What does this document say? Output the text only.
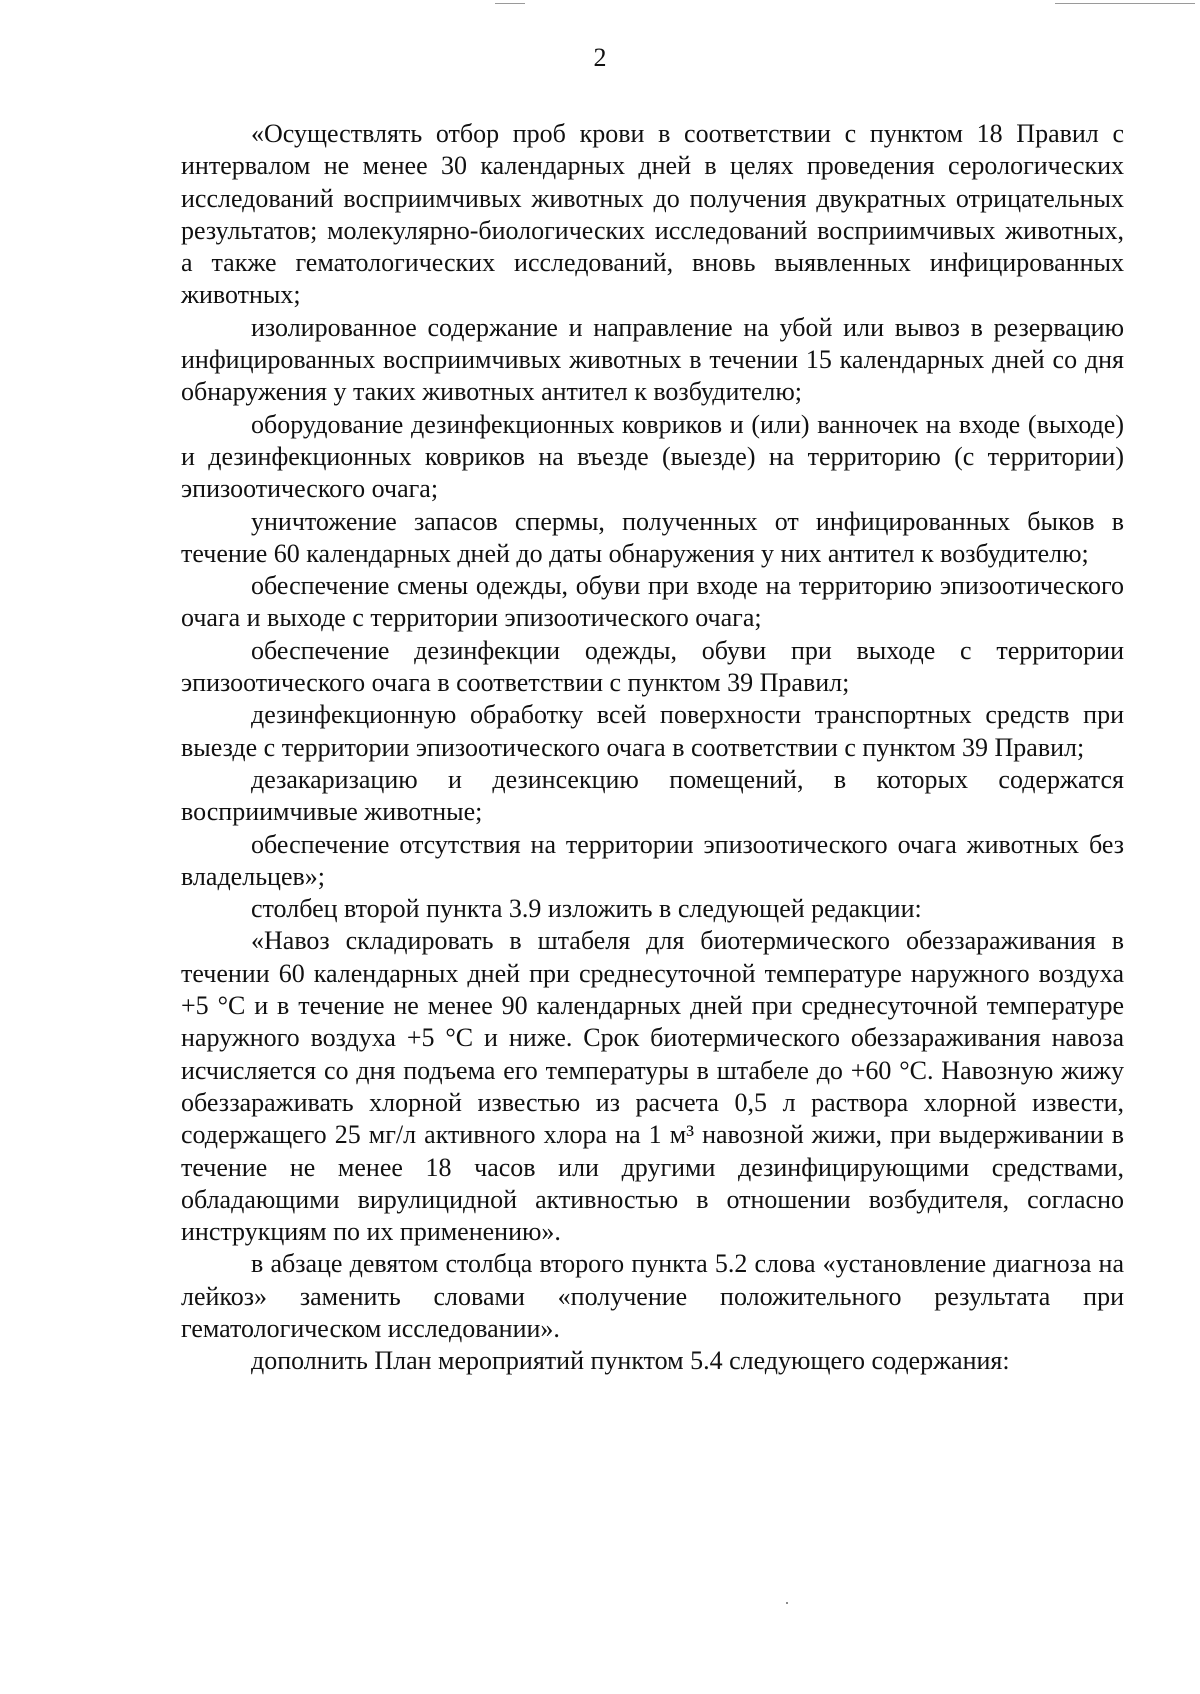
2

«Осуществлять отбор проб крови в соответствии с пунктом 18 Правил с интервалом не менее 30 календарных дней в целях проведения серологических исследований восприимчивых животных до получения двукратных отрицательных результатов; молекулярно-биологических исследований восприимчивых животных, а также гематологических исследований, вновь выявленных инфицированных животных;

изолированное содержание и направление на убой или вывоз в резервацию инфицированных восприимчивых животных в течении 15 календарных дней со дня обнаружения у таких животных антител к возбудителю;

оборудование дезинфекционных ковриков и (или) ванночек на входе (выходе) и дезинфекционных ковриков на въезде (выезде) на территорию (с территории) эпизоотического очага;

уничтожение запасов спермы, полученных от инфицированных быков в течение 60 календарных дней до даты обнаружения у них антител к возбудителю;

обеспечение смены одежды, обуви при входе на территорию эпизоотического очага и выходе с территории эпизоотического очага;

обеспечение дезинфекции одежды, обуви при выходе с территории эпизоотического очага в соответствии с пунктом 39 Правил;

дезинфекционную обработку всей поверхности транспортных средств при выезде с территории эпизоотического очага в соответствии с пунктом 39 Правил;

дезакаризацию и дезинсекцию помещений, в которых содержатся восприимчивые животные;

обеспечение отсутствия на территории эпизоотического очага животных без владельцев»;

столбец второй пункта 3.9 изложить в следующей редакции:

«Навоз складировать в штабеля для биотермического обеззараживания в течении 60 календарных дней при среднесуточной температуре наружного воздуха +5 °С и в течение не менее 90 календарных дней при среднесуточной температуре наружного воздуха +5 °С и ниже. Срок биотермического обеззараживания навоза исчисляется со дня подъема его температуры в штабеле до +60 °С. Навозную жижу обеззараживать хлорной известью из расчета 0,5 л раствора хлорной извести, содержащего 25 мг/л активного хлора на 1 м³ навозной жижи, при выдерживании в течение не менее 18 часов или другими дезинфицирующими средствами, обладающими вирулицидной активностью в отношении возбудителя, согласно инструкциям по их применению».

в абзаце девятом столбца второго пункта 5.2 слова «установление диагноза на лейкоз» заменить словами «получение положительного результата при гематологическом исследовании».

дополнить План мероприятий пунктом 5.4 следующего содержания:
